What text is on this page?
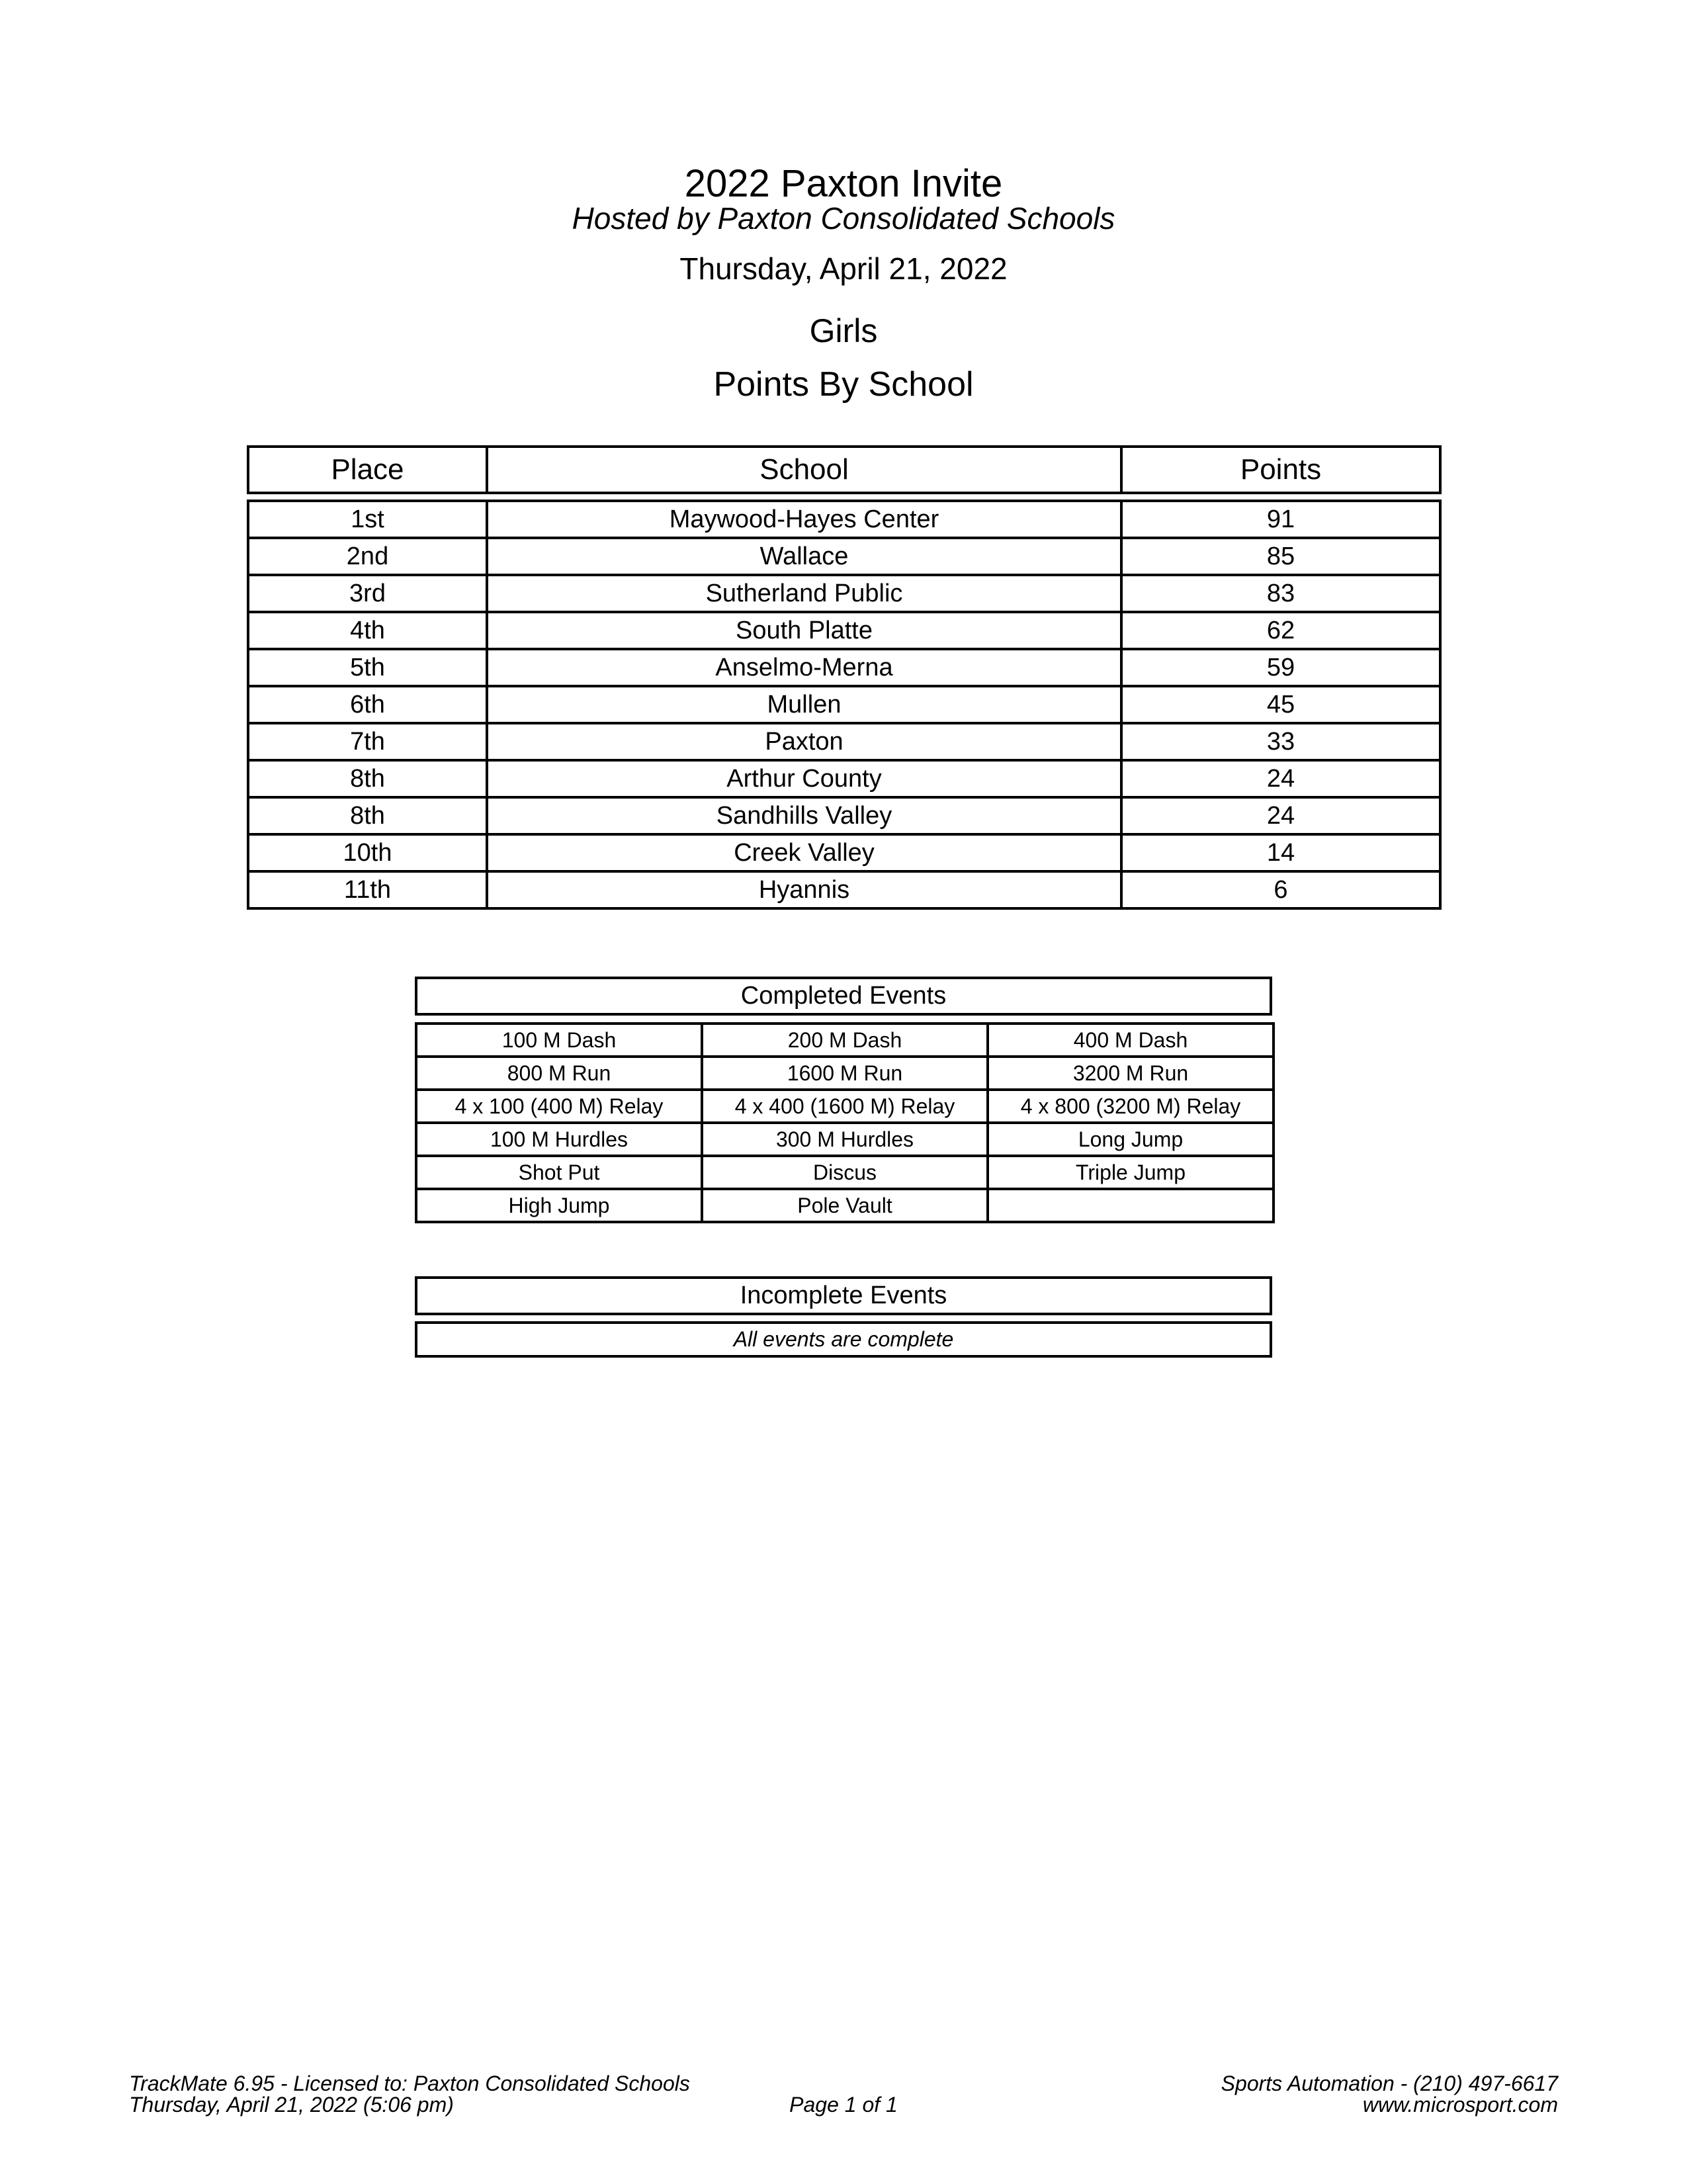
2022 Paxton Invite
Hosted by Paxton Consolidated Schools
Thursday, April 21, 2022
Girls
Points By School
Place	School	Points
1st	Maywood-Hayes Center	91
2nd	Wallace	85
3rd	Sutherland Public	83
4th	South Platte	62
5th	Anselmo-Merna	59
6th	Mullen	45
7th	Paxton	33
8th	Arthur County	24
8th	Sandhills Valley	24
10th	Creek Valley	14
11th	Hyannis	6
Completed Events
100 M Dash	200 M Dash	400 M Dash
800 M Run	1600 M Run	3200 M Run
4 x 100 (400 M) Relay	4 x 400 (1600 M) Relay	4 x 800 (3200 M) Relay
100 M Hurdles	300 M Hurdles	Long Jump
Shot Put	Discus	Triple Jump
High Jump	Pole Vault	
Incomplete Events
All events are complete
TrackMate 6.95 - Licensed to: Paxton Consolidated Schools
Thursday, April 21, 2022 (5:06 pm)	Page 1 of 1
Sports Automation - (210) 497-6617
www.microsport.com
